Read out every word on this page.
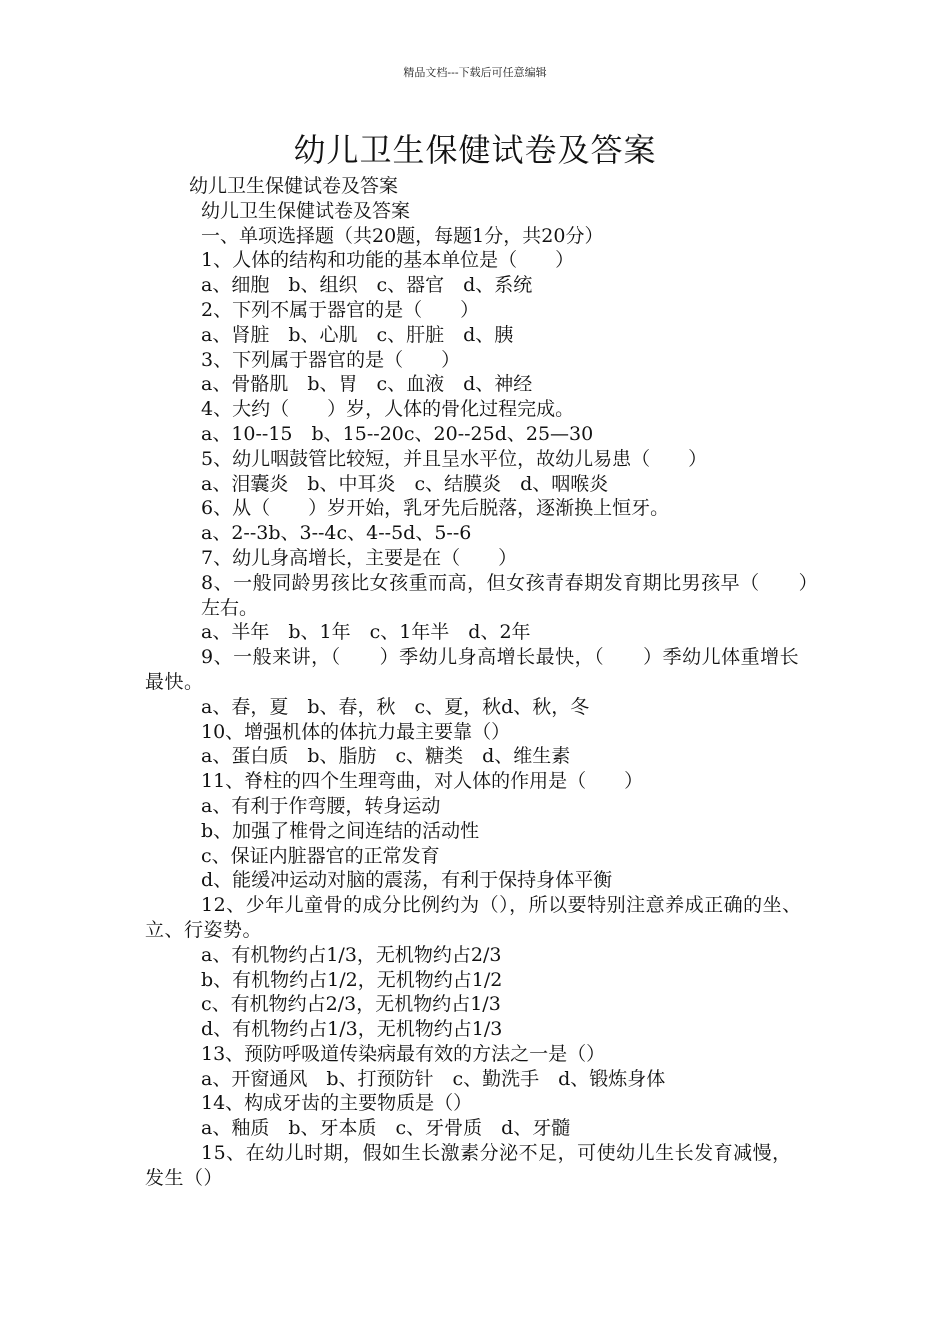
精品文档---下载后可任意编辑
幼儿卫生保健试卷及答案
幼儿卫生保健试卷及答案
幼儿卫生保健试卷及答案
一、单项选择题（共20题，每题1分，共20分）
1、人体的结构和功能的基本单位是（　　）
a、细胞　b、组织　c、器官　d、系统
2、下列不属于器官的是（　　）
a、肾脏　b、心肌　c、肝脏　d、胰
3、下列属于器官的是（　　）
a、骨骼肌　b、胃　c、血液　d、神经
4、大约（　　）岁，人体的骨化过程完成。
a、10--15　b、15--20c、20--25d、25—30
5、幼儿咽鼓管比较短，并且呈水平位，故幼儿易患（　　）
a、泪囊炎　b、中耳炎　c、结膜炎　d、咽喉炎
6、从（　　）岁开始，乳牙先后脱落，逐渐换上恒牙。
a、2--3b、3--4c、4--5d、5--6
7、幼儿身高增长，主要是在（　　）
8、一般同龄男孩比女孩重而高，但女孩青春期发育期比男孩早（　　）
左右。
a、半年　b、1年　c、1年半　d、2年
9、一般来讲，（　　）季幼儿身高增长最快，（　　）季幼儿体重增长最快。
a、春，夏　b、春，秋　c、夏，秋d、秋，冬
10、增强机体的体抗力最主要靠（）
a、蛋白质　b、脂肪　c、糖类　d、维生素
11、脊柱的四个生理弯曲，对人体的作用是（　　）
a、有利于作弯腰，转身运动
b、加强了椎骨之间连结的活动性
c、保证内脏器官的正常发育
d、能缓冲运动对脑的震荡，有利于保持身体平衡
12、少年儿童骨的成分比例约为（），所以要特别注意养成正确的坐、立、行姿势。
a、有机物约占1/3，无机物约占2/3
b、有机物约占1/2，无机物约占1/2
c、有机物约占2/3，无机物约占1/3
d、有机物约占1/3，无机物约占1/3
13、预防呼吸道传染病最有效的方法之一是（）
a、开窗通风　b、打预防针　c、勤洗手　d、锻炼身体
14、构成牙齿的主要物质是（）
a、釉质　b、牙本质　c、牙骨质　d、牙髓
15、在幼儿时期，假如生长激素分泌不足，可使幼儿生长发育减慢，发生（）
